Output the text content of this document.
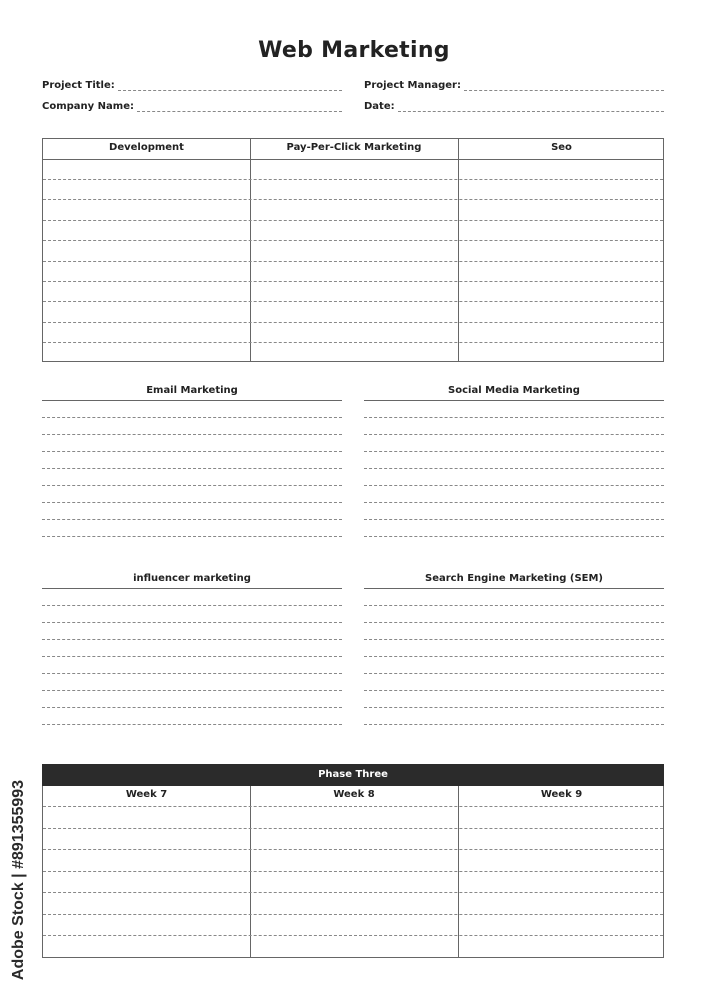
Web Marketing
Project Title:
Company Name:
Project Manager:
Date:
Development	Pay-Per-Click Marketing	Seo
Email Marketing	Social Media Marketing
influencer marketing	Search Engine Marketing (SEM)
Phase Three
Week 7	Week 8	Week 9
Adobe Stock | #891355993
